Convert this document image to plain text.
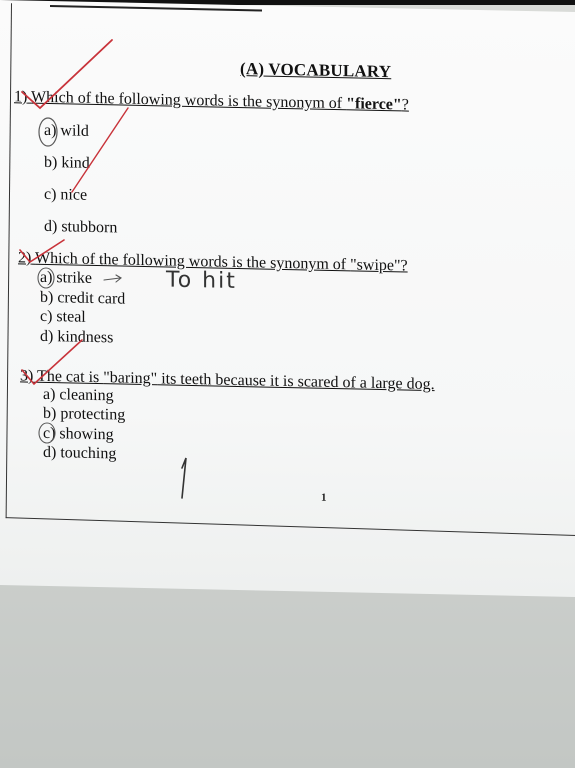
(A) VOCABULARY
1) Which of the following words is the synonym of "fierce"?
a) wild
b) kind
c) nice
d) stubborn
2) Which of the following words is the synonym of "swipe"?
a) strike
b) credit card
c) steal
d) kindness
To hit
3) The cat is "baring" its teeth because it is scared of a large dog.
a) cleaning
b) protecting
c) showing
d) touching
1
